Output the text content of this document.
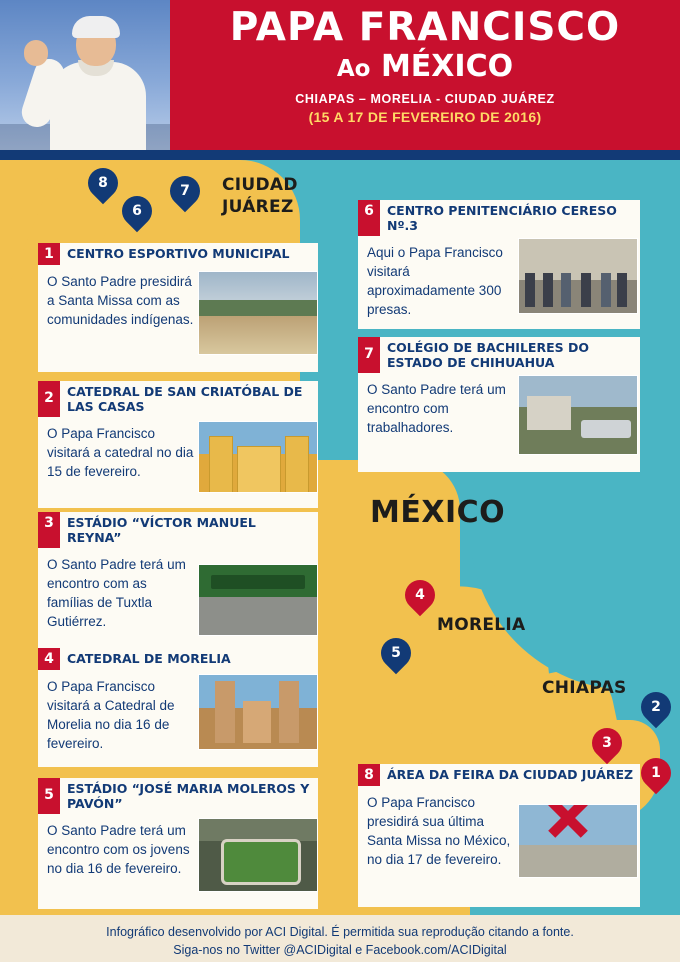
PAPA FRANCISCO
Ao MÉXICO
CHIAPAS – MORELIA - CIUDAD JUÁREZ
(15 A 17 DE FEVEREIRO DE 2016)
MÉXICO
CIUDAD JUÁREZ
MORELIA
CHIAPAS
8
6
7
4
5
2
3
1
1	CENTRO ESPORTIVO MUNICIPAL
O Santo Padre presidirá a Santa Missa com as comunidades indígenas.
2	CATEDRAL DE SAN CRIATÓBAL DE LAS CASAS
O Papa Francisco visitará a catedral no dia 15 de fevereiro.
3	ESTÁDIO “VÍCTOR MANUEL REYNA”
O Santo Padre terá um encontro com as famílias de Tuxtla Gutiérrez.
4	CATEDRAL DE MORELIA
O Papa Francisco visitará a Catedral de Morelia no dia 16 de fevereiro.
5	ESTÁDIO “JOSÉ MARIA MOLEROS Y PAVÓN”
O Santo Padre terá um encontro com os jovens no dia 16 de fevereiro.
6	CENTRO PENITENCIÁRIO CERESO Nº.3
Aqui o Papa Francisco visitará aproximadamente 300 presas.
7	COLÉGIO DE BACHILERES DO ESTADO DE CHIHUAHUA
O Santo Padre terá um encontro com trabalhadores.
8	ÁREA DA FEIRA DA CIUDAD JUÁREZ
O Papa Francisco presidirá sua última Santa Missa no México, no dia 17 de fevereiro.
Infográfico desenvolvido por ACI Digital. É permitida sua reprodução citando a fonte.
Siga-nos no Twitter @ACIDigital e Facebook.com/ACIDigital
